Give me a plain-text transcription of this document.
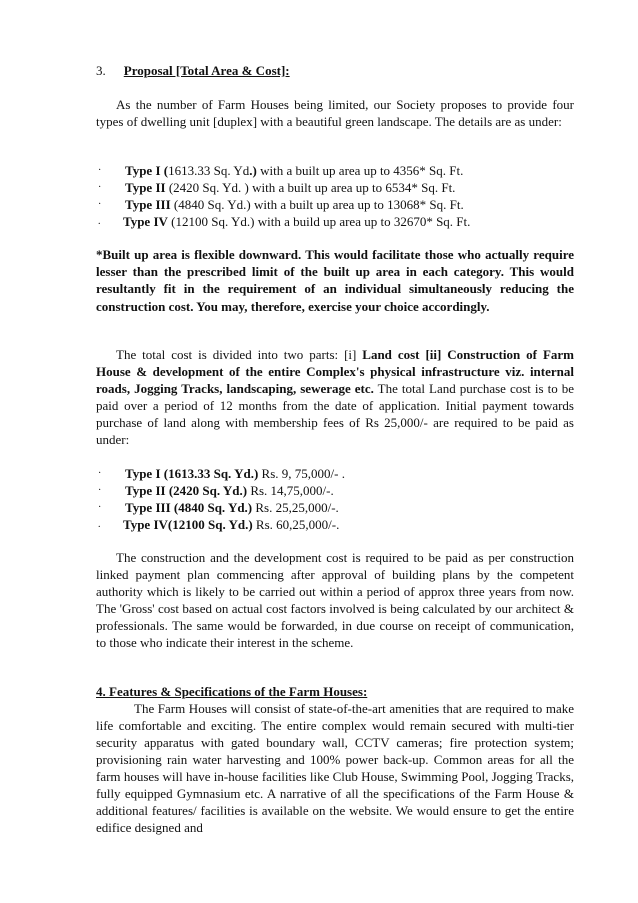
3. Proposal [Total Area & Cost]:
As the number of Farm Houses being limited, our Society proposes to provide four types of dwelling unit [duplex] with a beautiful green landscape. The details are as under:
· Type I (1613.33 Sq. Yd.) with a built up area up to 4356* Sq. Ft.
· Type II (2420 Sq. Yd. ) with a built up area up to 6534* Sq. Ft.
· Type III (4840 Sq. Yd.) with a built up area up to 13068* Sq. Ft.
. Type IV (12100 Sq. Yd.) with a build up area up to 32670* Sq. Ft.
*Built up area is flexible downward. This would facilitate those who actually require lesser than the prescribed limit of the built up area in each category. This would resultantly fit in the requirement of an individual simultaneously reducing the construction cost. You may, therefore, exercise your choice accordingly.
The total cost is divided into two parts: [i] Land cost [ii] Construction of Farm House & development of the entire Complex's physical infrastructure viz. internal roads, Jogging Tracks, landscaping, sewerage etc. The total Land purchase cost is to be paid over a period of 12 months from the date of application. Initial payment towards purchase of land along with membership fees of Rs 25,000/- are required to be paid as under:
· Type I (1613.33 Sq. Yd.) Rs. 9, 75,000/- .
· Type II (2420 Sq. Yd.) Rs. 14,75,000/-.
· Type III (4840 Sq. Yd.) Rs. 25,25,000/-.
. Type IV(12100 Sq. Yd.) Rs. 60,25,000/-.
The construction and the development cost is required to be paid as per construction linked payment plan commencing after approval of building plans by the competent authority which is likely to be carried out within a period of approx three years from now. The 'Gross' cost based on actual cost factors involved is being calculated by our architect & professionals. The same would be forwarded, in due course on receipt of communication, to those who indicate their interest in the scheme.
4. Features & Specifications of the Farm Houses:
The Farm Houses will consist of state-of-the-art amenities that are required to make life comfortable and exciting. The entire complex would remain secured with multi-tier security apparatus with gated boundary wall, CCTV cameras; fire protection system; provisioning rain water harvesting and 100% power back-up. Common areas for all the farm houses will have in-house facilities like Club House, Swimming Pool, Jogging Tracks, fully equipped Gymnasium etc. A narrative of all the specifications of the Farm House & additional features/ facilities is available on the website. We would ensure to get the entire edifice designed and
